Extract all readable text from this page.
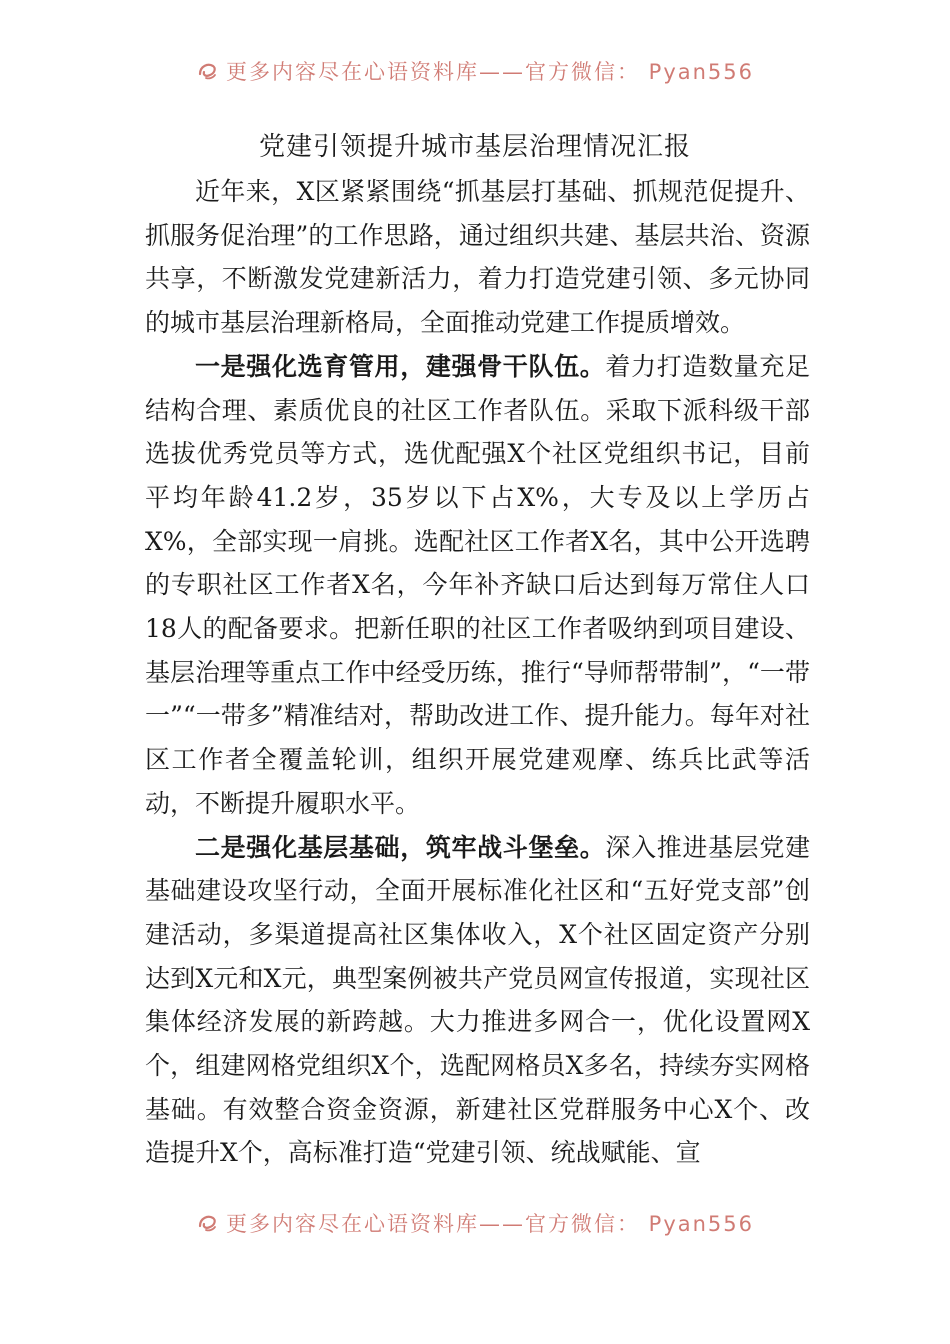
更多内容尽在心语资料库——官方微信： Pyan556
党建引领提升城市基层治理情况汇报

近年来，X区紧紧围绕“抓基层打基础、抓规范促提升、抓服务促治理”的工作思路，通过组织共建、基层共治、资源共享，不断激发党建新活力，着力打造党建引领、多元协同的城市基层治理新格局，全面推动党建工作提质增效。

一是强化选育管用，建强骨干队伍。着力打造数量充足结构合理、素质优良的社区工作者队伍。采取下派科级干部选拔优秀党员等方式，选优配强X个社区党组织书记，目前平均年龄41.2岁，35岁以下占X%，大专及以上学历占X%，全部实现一肩挑。选配社区工作者X名，其中公开选聘的专职社区工作者X名，今年补齐缺口后达到每万常住人口18人的配备要求。把新任职的社区工作者吸纳到项目建设、基层治理等重点工作中经受历练，推行“导师帮带制”，“一带一”“一带多”精准结对，帮助改进工作、提升能力。每年对社区工作者全覆盖轮训，组织开展党建观摩、练兵比武等活动，不断提升履职水平。

二是强化基层基础，筑牢战斗堡垒。深入推进基层党建基础建设攻坚行动，全面开展标准化社区和“五好党支部”创建活动，多渠道提高社区集体收入，X个社区固定资产分别达到X元和X元，典型案例被共产党员网宣传报道，实现社区集体经济发展的新跨越。大力推进多网合一，优化设置网X个，组建网格党组织X个，选配网格员X多名，持续夯实网格基础。有效整合资金资源，新建社区党群服务中心X个、改造提升X个，高标准打造“党建引领、统战赋能、宣

更多内容尽在心语资料库——官方微信： Pyan556
